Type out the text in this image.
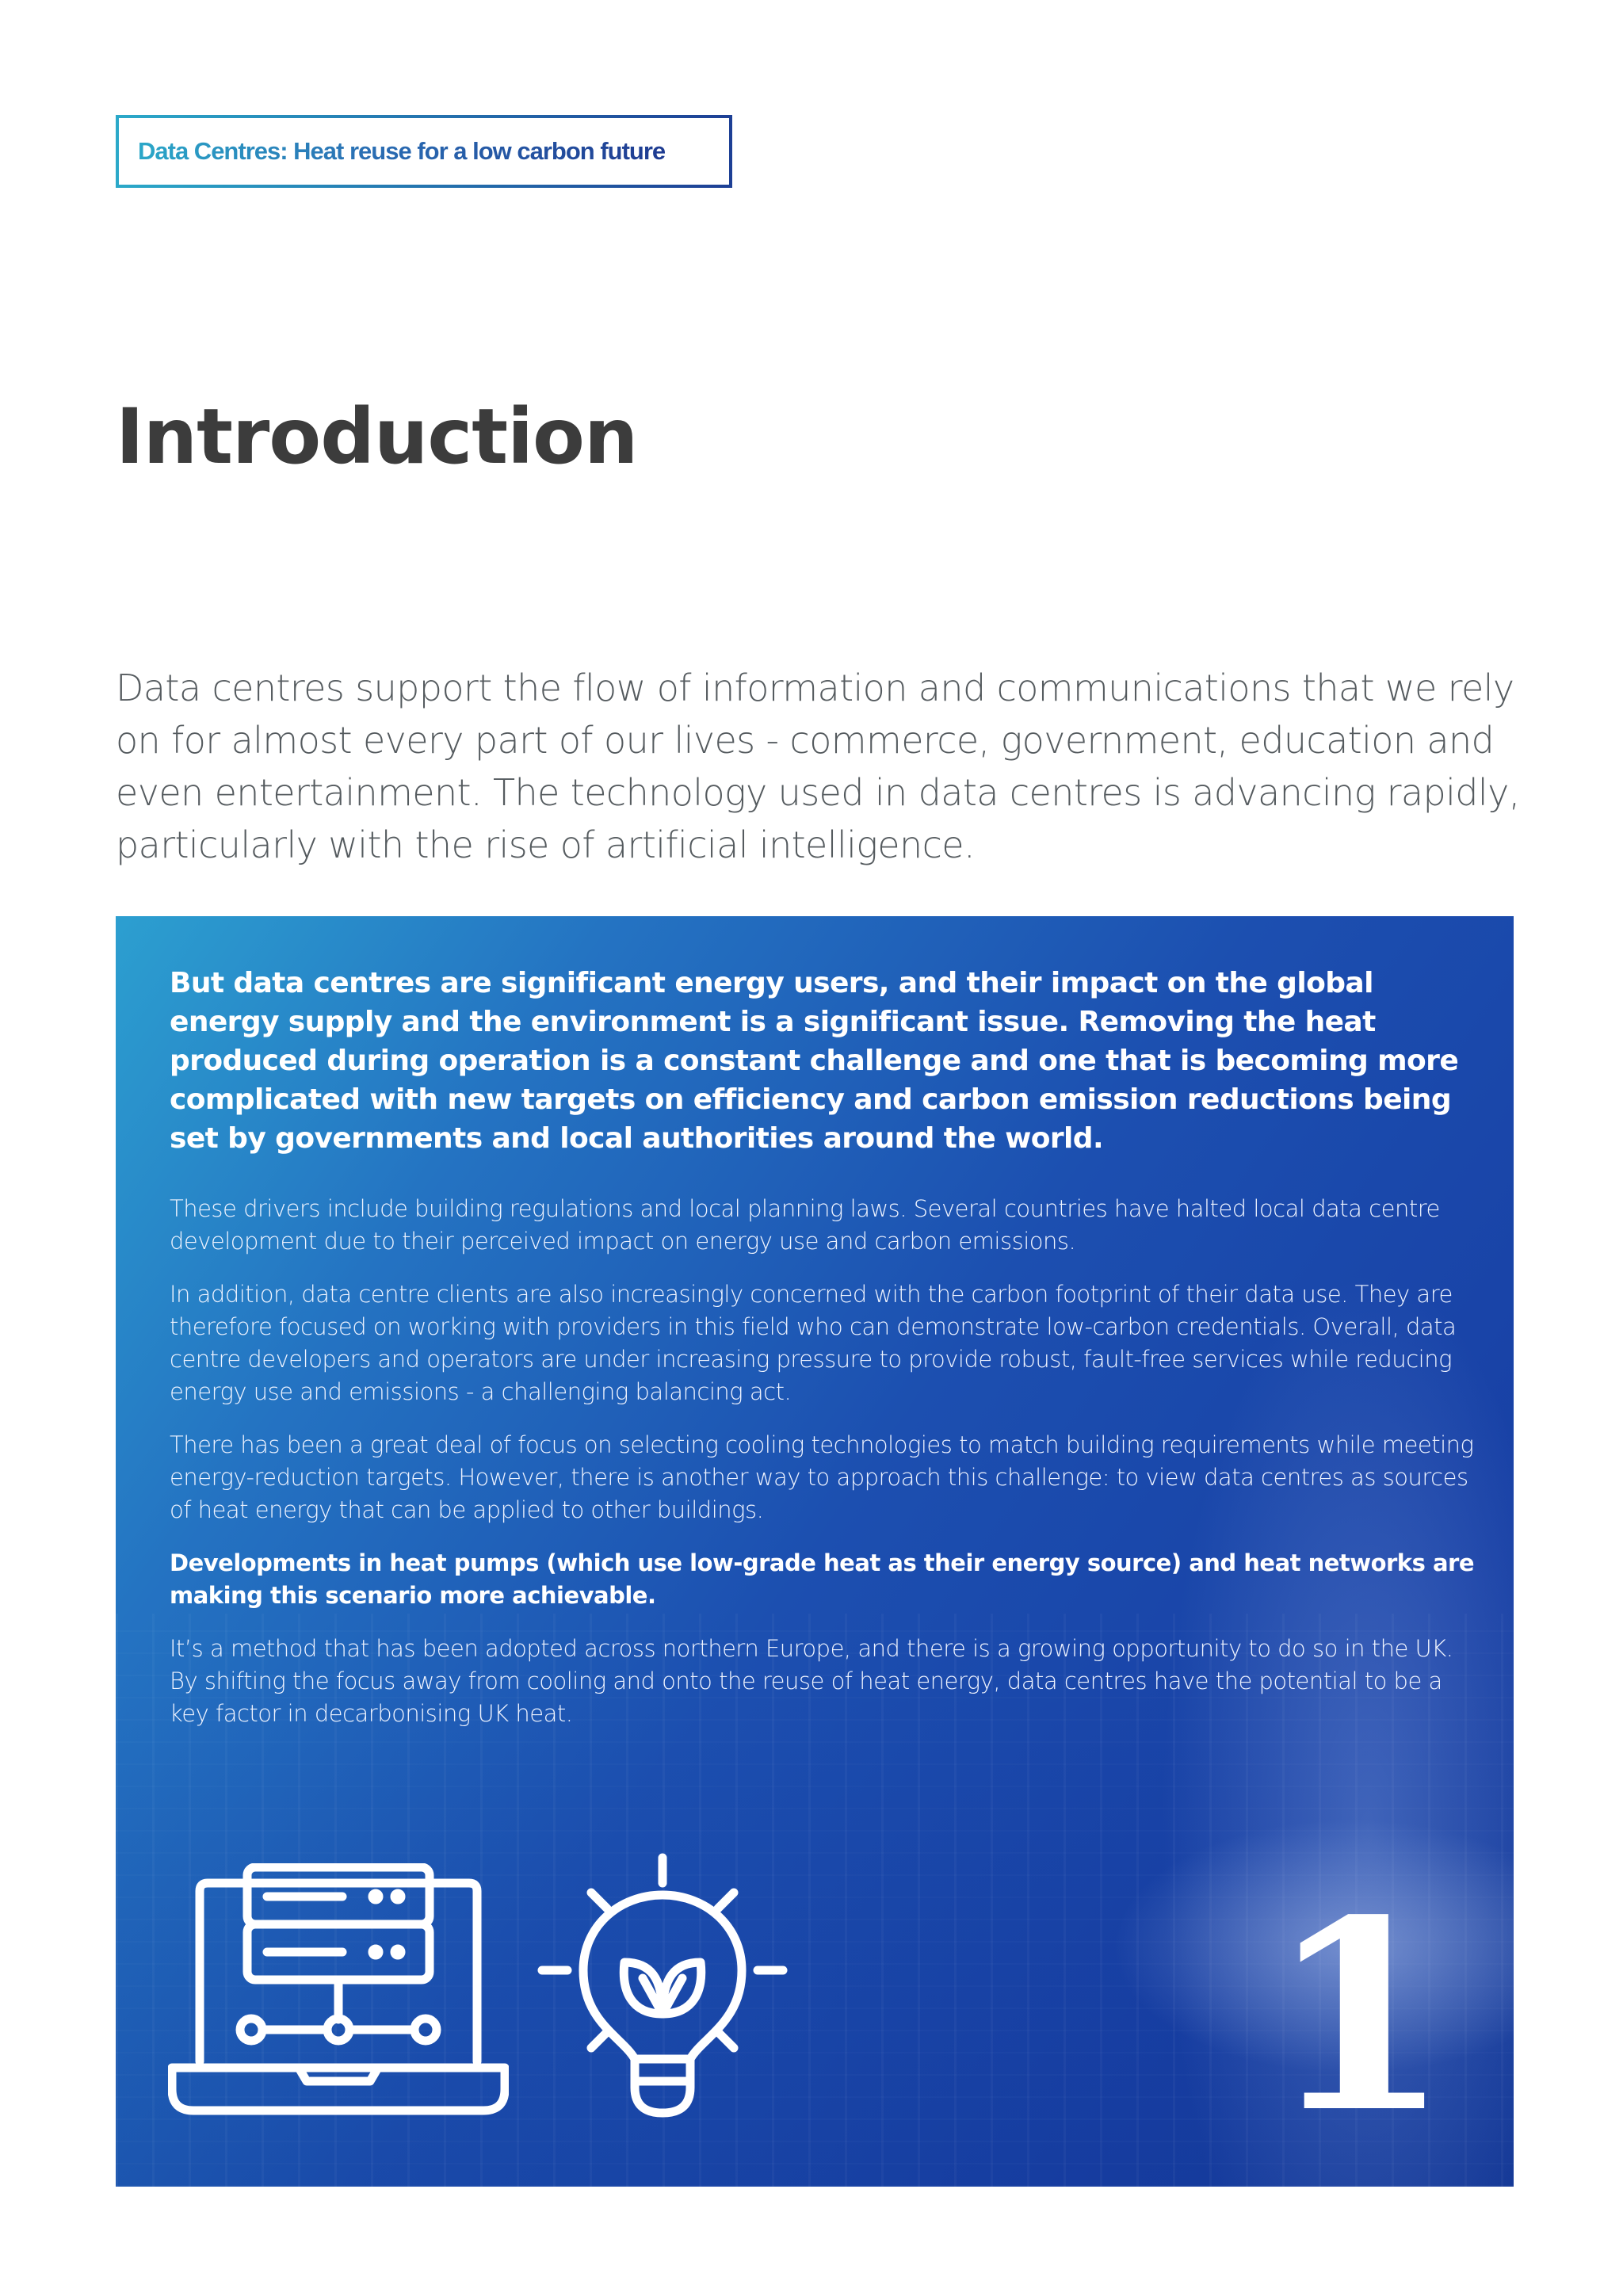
Data Centres: Heat reuse for a low carbon future
Introduction

Data centres support the flow of information and communications that we rely on for almost every part of our lives - commerce, government, education and even entertainment. The technology used in data centres is advancing rapidly, particularly with the rise of artificial intelligence.

But data centres are significant energy users, and their impact on the global energy supply and the environment is a significant issue. Removing the heat produced during operation is a constant challenge and one that is becoming more complicated with new targets on efficiency and carbon emission reductions being set by governments and local authorities around the world.

These drivers include building regulations and local planning laws. Several countries have halted local data centre development due to their perceived impact on energy use and carbon emissions.

In addition, data centre clients are also increasingly concerned with the carbon footprint of their data use. They are therefore focused on working with providers in this field who can demonstrate low-carbon credentials. Overall, data centre developers and operators are under increasing pressure to provide robust, fault-free services while reducing energy use and emissions - a challenging balancing act.

There has been a great deal of focus on selecting cooling technologies to match building requirements while meeting energy-reduction targets. However, there is another way to approach this challenge: to view data centres as sources of heat energy that can be applied to other buildings.

Developments in heat pumps (which use low-grade heat as their energy source) and heat networks are making this scenario more achievable.

It’s a method that has been adopted across northern Europe, and there is a growing opportunity to do so in the UK. By shifting the focus away from cooling and onto the reuse of heat energy, data centres have the potential to be a key factor in decarbonising UK heat.

1
